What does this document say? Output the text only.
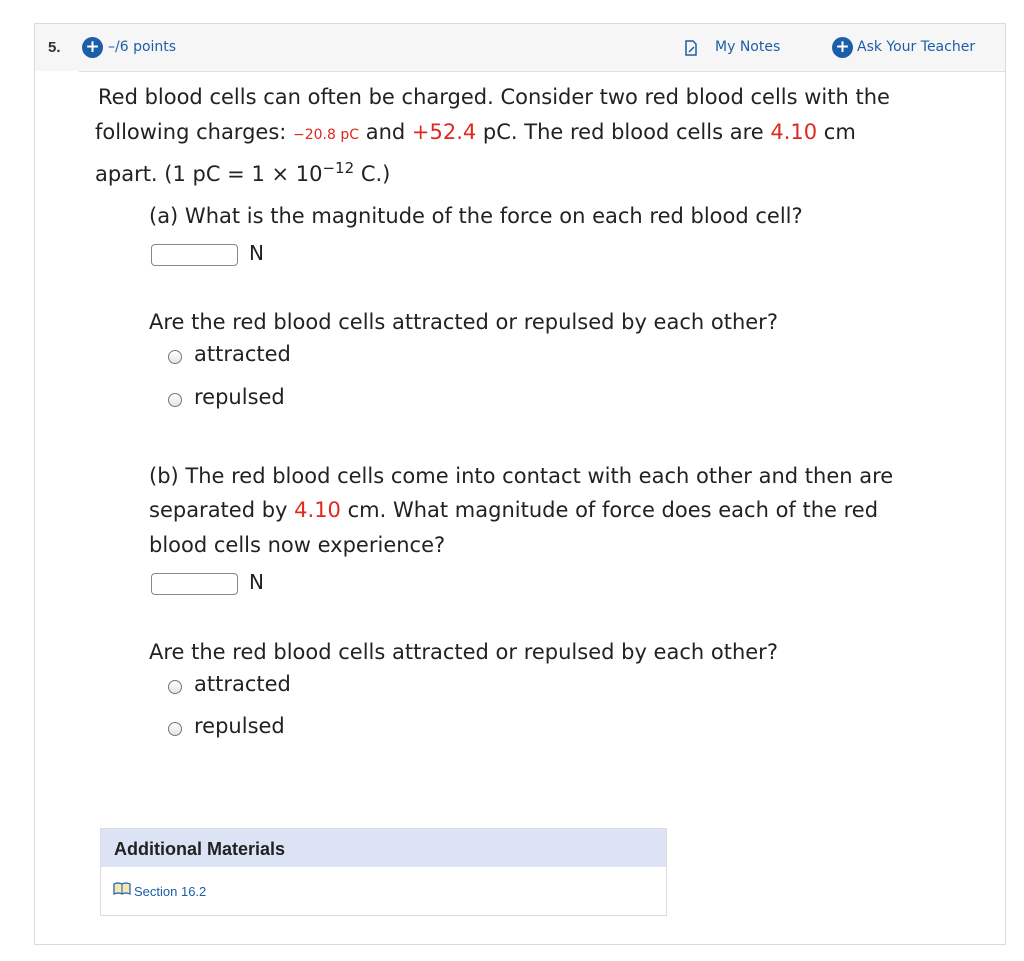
5. + –/6 points	My Notes	+ Ask Your Teacher
Red blood cells can often be charged. Consider two red blood cells with the
following charges: −20.8 pC and +52.4 pC. The red blood cells are 4.10 cm
apart. (1 pC = $1 \times 10^{-12}$ C.)
(a) What is the magnitude of the force on each red blood cell?
N
Are the red blood cells attracted or repulsed by each other?
attracted
repulsed
(b) The red blood cells come into contact with each other and then are
separated by 4.10 cm. What magnitude of force does each of the red
blood cells now experience?
N
Are the red blood cells attracted or repulsed by each other?
attracted
repulsed
Additional Materials
Section 16.2
